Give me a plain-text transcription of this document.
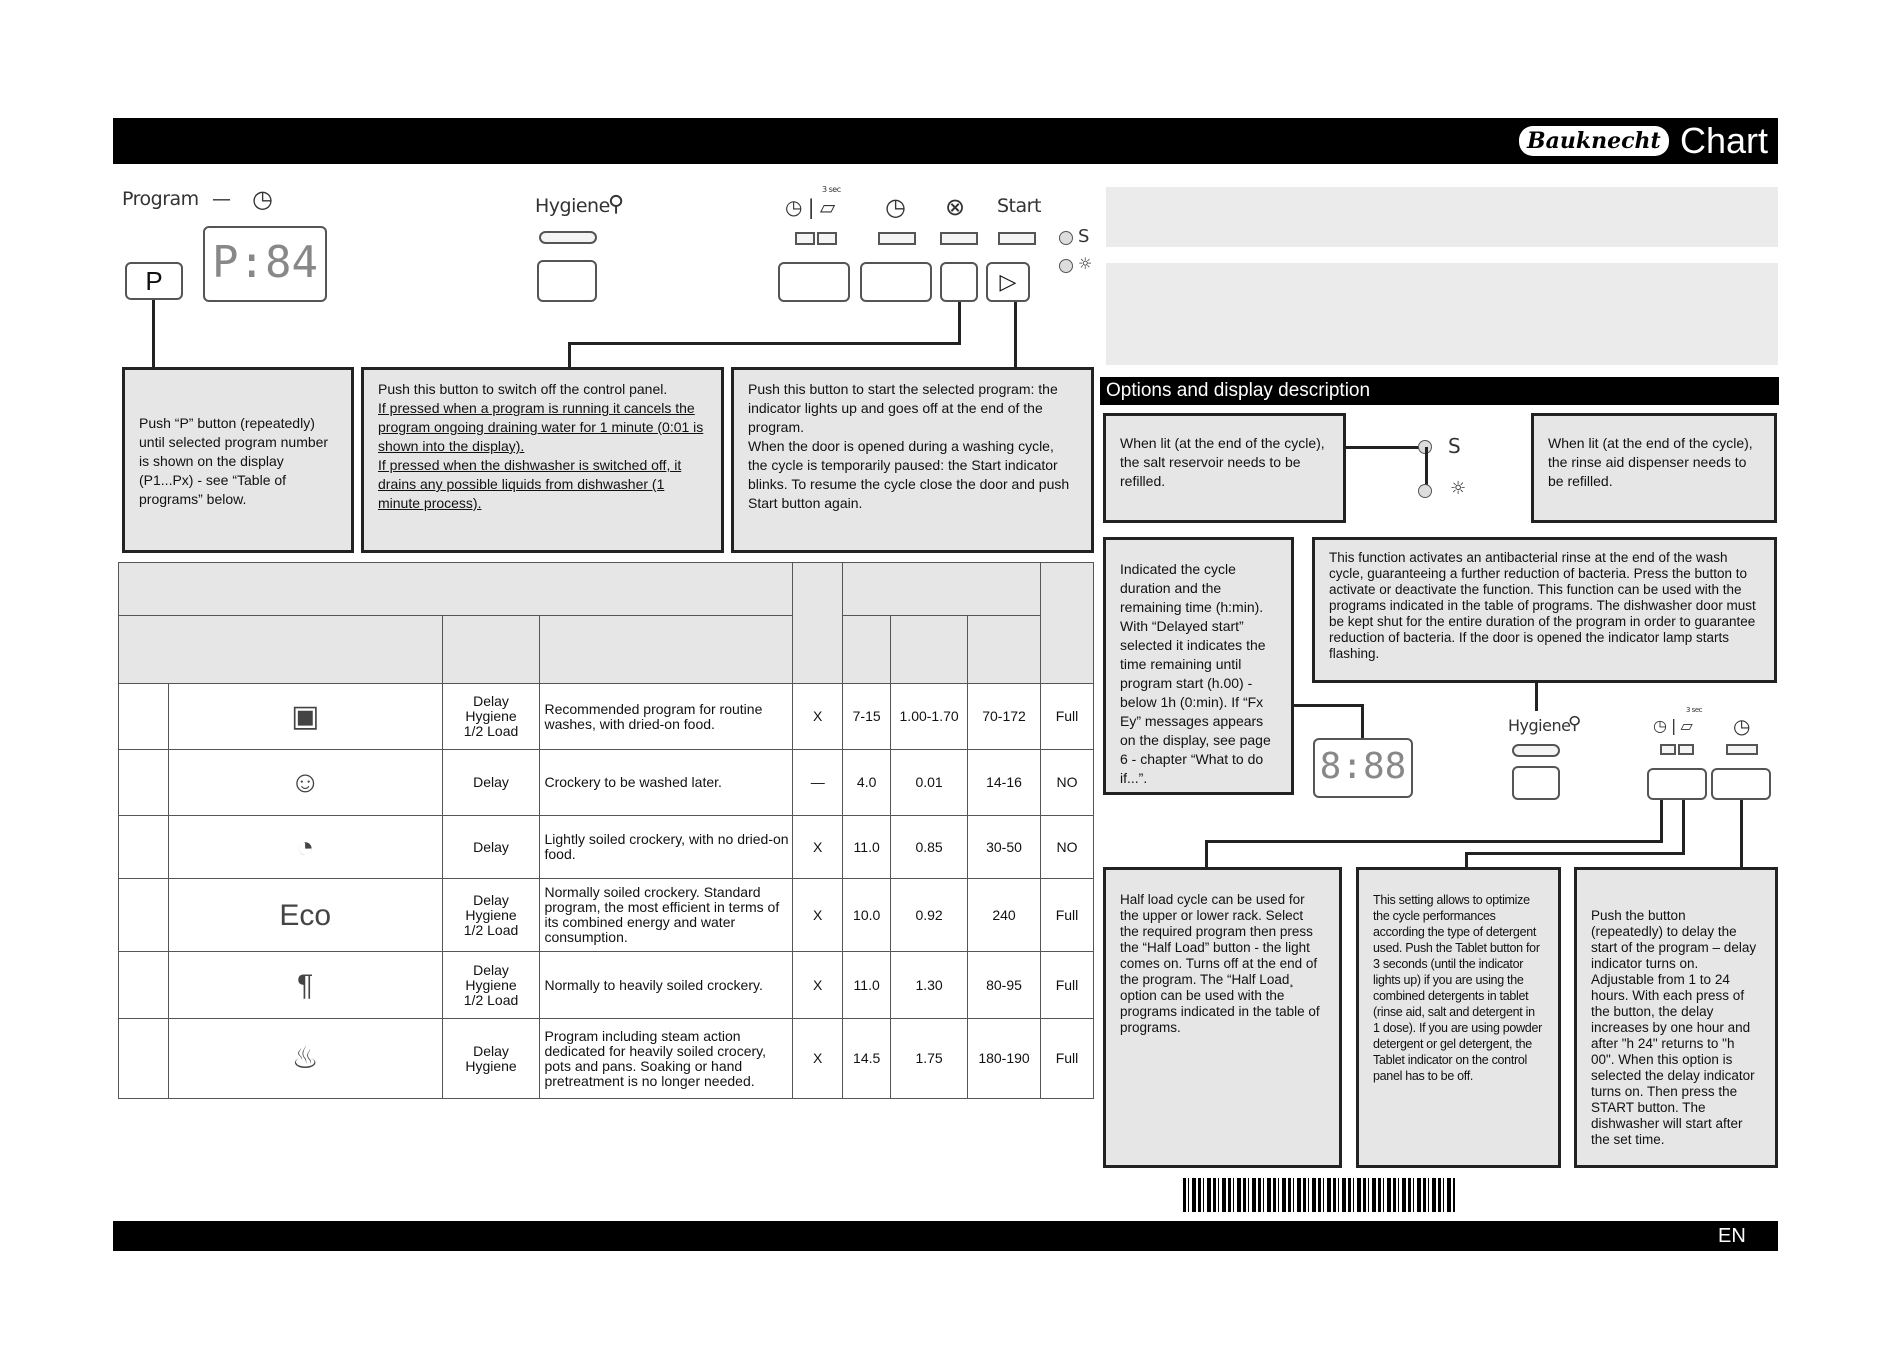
Bauknecht Chart
Program — ◷
P	P:84
Hygiene
⚲
3 sec
◷ | ▱ ◷ ⊗ Start
S
☼
▷

Push “P” button (repeatedly) until selected program number is shown on the display (P1...Px) - see “Table of programs” below.

Push this button to switch off the control panel.

If pressed when a program is running it cancels the program ongoing draining water for 1 minute (0:01 is shown into the display).

If pressed when the dishwasher is switched off, it drains any possible liquids from dishwasher (1 minute process).

Push this button to start the selected program: the indicator lights up and goes off at the end of the program.

When the door is opened during a washing cycle, the cycle is temporarily paused: the Start indicator blinks. To resume the cycle close the door and push Start button again.

Options and display description

When lit (at the end of the cycle), the salt reservoir needs to be refilled.

S
☼

When lit (at the end of the cycle), the rinse aid dispenser needs to be refilled.

Indicated the cycle duration and the remaining time (h:min). With “Delayed start” selected it indicates the time remaining until program start (h.00) - below 1h (0:min). If “Fx Ey” messages appears on the display, see page 6 - chapter “What to do if...”.	8:88

This function activates an antibacterial rinse at the end of the wash cycle, guaranteeing a further reduction of bacteria. Press the button to activate or deactivate the function. This function can be used with the programs indicated in the table of programs. The dishwasher door must be kept shut for the entire duration of the program in order to guarantee reduction of bacteria. If the door is opened the indicator lamp starts flashing.

Hygiene
⚲
3 sec
◷ | ▱ ◷

Half load cycle can be used for the upper or lower rack. Select the required program then press the “Half Load” button - the light comes on. Turns off at the end of the program. The “Half Load¸ option can be used with the programs indicated in the table of programs.

This setting allows to optimize the cycle performances according the type of detergent used. Push the Tablet button for 3 seconds (until the indicator lights up) if you are using the combined detergents in tablet (rinse aid, salt and detergent in 1 dose). If you are using powder detergent or gel detergent, the Tablet indicator on the control panel has to be off.

Push the button (repeatedly) to delay the start of the program – delay indicator turns on. Adjustable from 1 to 24 hours. With each press of the button, the delay increases by one hour and after "h 24" returns to "h 00". When this option is selected the delay indicator turns on. Then press the START button. The dishwasher will start after the set time.

	▣	Delay
Hygiene
1/2 Load	Recommended program for routine washes, with dried-on food.	X	7-15	1.00-1.70	70-172	Full
	☺	Delay	Crockery to be washed later.	—	4.0	0.01	14-16	NO
	◔	Delay	Lightly soiled crockery, with no dried-on food.	X	11.0	0.85	30-50	NO
	Eco	Delay
Hygiene
1/2 Load	Normally soiled crockery. Standard program, the most efficient in terms of its combined energy and water consumption.	X	10.0	0.92	240	Full
	¶	Delay
Hygiene
1/2 Load	Normally to heavily soiled crockery.	X	11.0	1.30	80-95	Full
	♨	Delay
Hygiene	Program including steam action dedicated for heavily soiled crocery, pots and pans. Soaking or hand pretreatment is no longer needed.	X	14.5	1.75	180-190	Full
EN
